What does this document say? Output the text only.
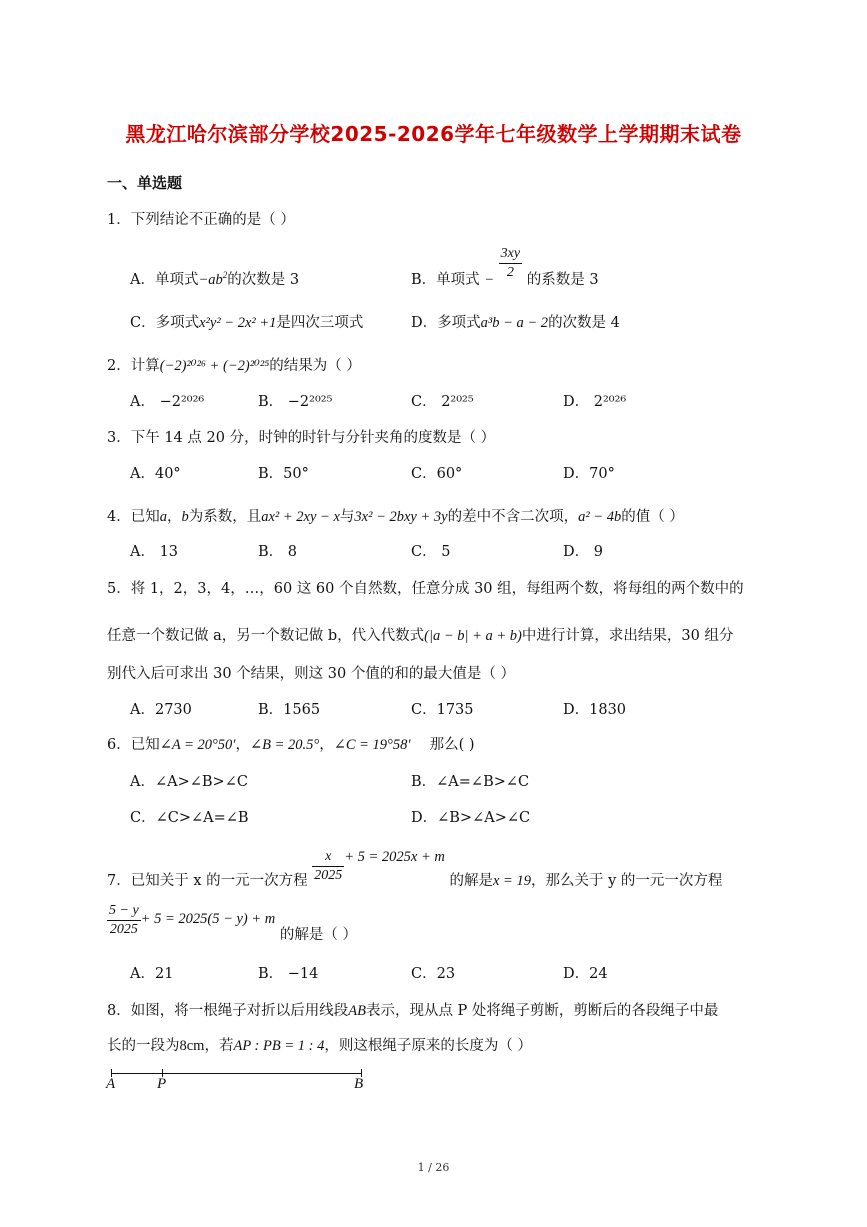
黑龙江哈尔滨部分学校2025-2026学年七年级数学上学期期末试卷
一、单选题
1．下列结论不正确的是（ ）
A．单项式$-ab^2$的次数是 3	B．单项式 − $\frac{3xy}{2}$ 的系数是 3
C．多项式x²y² − 2x² +1是四次三项式	D．多项式a³b − a − 2的次数是 4
2．计算(−2)²⁰²⁶ + (−2)²⁰²⁵的结果为（ ）
A． −2²⁰²⁶	B． −2²⁰²⁵	C． 2²⁰²⁵	D． 2²⁰²⁶
3．下午 14 点 20 分，时钟的时针与分针夹角的度数是（ ）
A．40°	B．50°	C．60°	D．70°
4．已知a，b为系数，且ax² + 2xy − x与3x² − 2bxy + 3y的差中不含二次项，a² − 4b的值（ ）
A． 13	B． 8	C． 5	D． 9
5．将 1，2，3，4，…，60 这 60 个自然数，任意分成 30 组，每组两个数，将每组的两个数中的
任意一个数记做 a，另一个数记做 b，代入代数式(|a − b| + a + b)中进行计算，求出结果，30 组分
别代入后可求出 30 个结果，则这 30 个值的和的最大值是（ ）
A．2730	B．1565	C．1735	D．1830
6．已知∠A = 20°50′，∠B = 20.5°，∠C = 19°58′　 那么( )
A．∠A>∠B>∠C	B．∠A=∠B>∠C
C．∠C>∠A=∠B	D．∠B>∠A>∠C
7．已知关于 x 的一元一次方程 $\frac{x}{2025} + 5 = 2025x + m$ 的解是x = 19，那么关于 y 的一元一次方程
$\frac{5 - y}{2025} + 5 = 2025(5 - y) + m$ 的解是（ ）
A．21	B． −14	C．23	D．24
8．如图，将一根绳子对折以后用线段AB表示，现从点 P 处将绳子剪断，剪断后的各段绳子中最
长的一段为8cm，若AP : PB = 1 : 4，则这根绳子原来的长度为（ ）
A	P	B
1 / 26
